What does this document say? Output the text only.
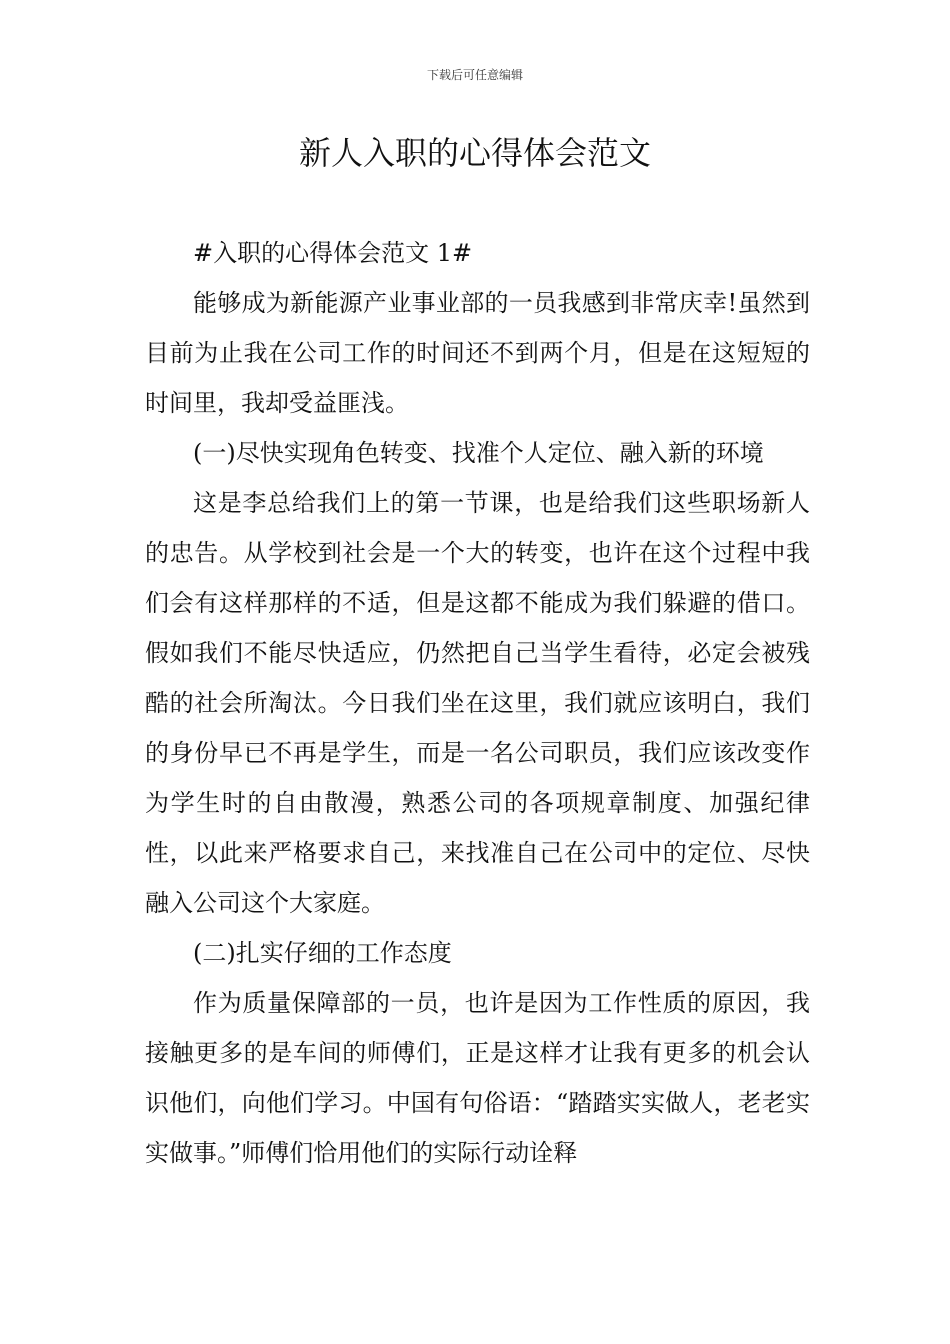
下载后可任意编辑
新人入职的心得体会范文

#入职的心得体会范文 1#

能够成为新能源产业事业部的一员我感到非常庆幸!虽然到目前为止我在公司工作的时间还不到两个月，但是在这短短的时间里，我却受益匪浅。

(一)尽快实现角色转变、找准个人定位、融入新的环境

这是李总给我们上的第一节课，也是给我们这些职场新人的忠告。从学校到社会是一个大的转变，也许在这个过程中我们会有这样那样的不适，但是这都不能成为我们躲避的借口。假如我们不能尽快适应，仍然把自己当学生看待，必定会被残酷的社会所淘汰。今日我们坐在这里，我们就应该明白，我们的身份早已不再是学生，而是一名公司职员，我们应该改变作为学生时的自由散漫，熟悉公司的各项规章制度、加强纪律性，以此来严格要求自己，来找准自己在公司中的定位、尽快融入公司这个大家庭。

(二)扎实仔细的工作态度

作为质量保障部的一员，也许是因为工作性质的原因，我接触更多的是车间的师傅们，正是这样才让我有更多的机会认识他们，向他们学习。中国有句俗语：“踏踏实实做人，老老实实做事。”师傅们恰用他们的实际行动诠释
